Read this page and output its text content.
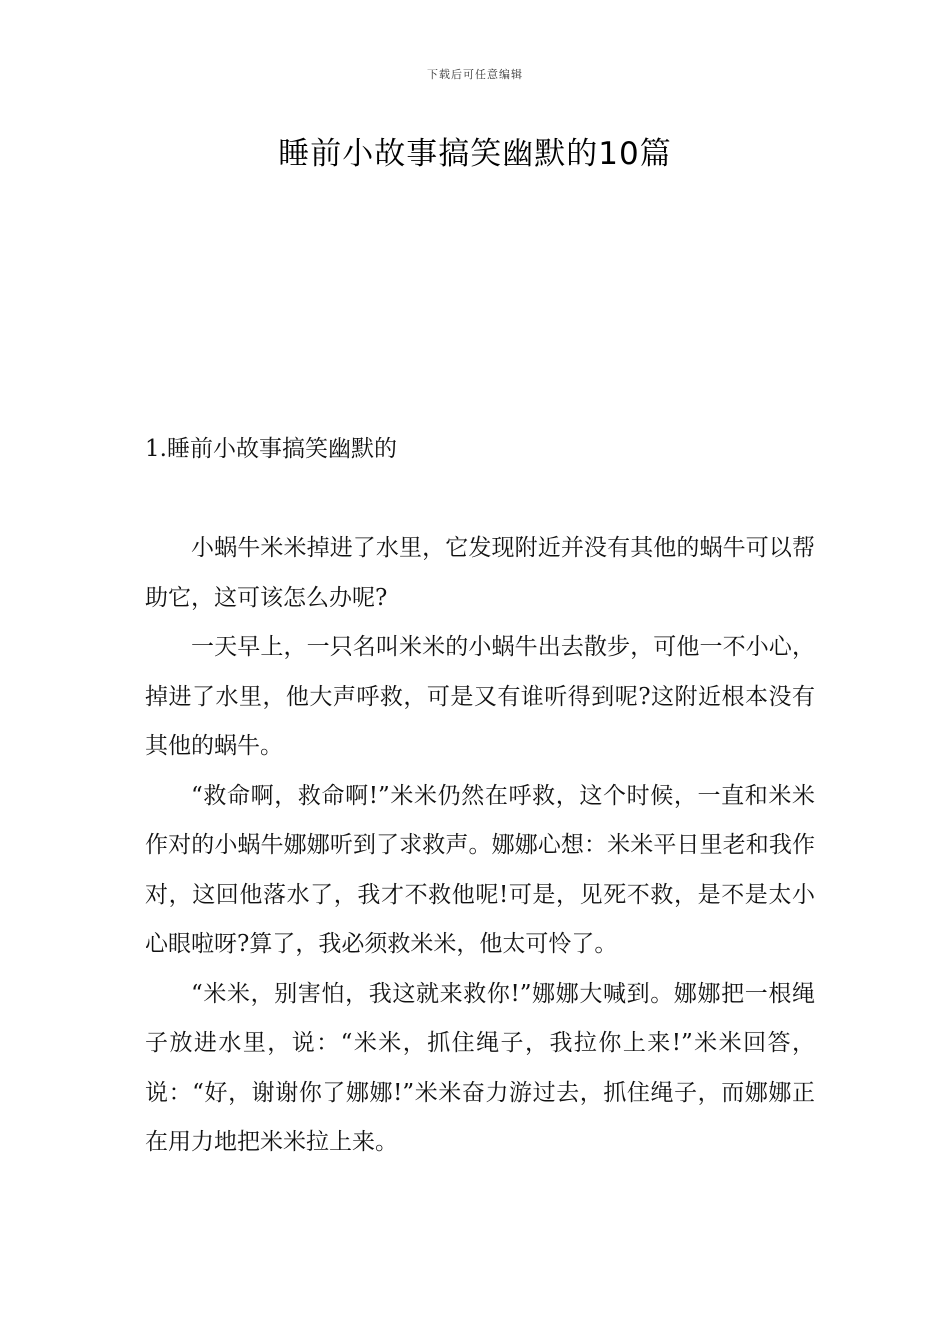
下载后可任意编辑
睡前小故事搞笑幽默的10篇
1.睡前小故事搞笑幽默的

小蜗牛米米掉进了水里，它发现附近并没有其他的蜗牛可以帮助它，这可该怎么办呢?

一天早上，一只名叫米米的小蜗牛出去散步，可他一不小心，掉进了水里，他大声呼救，可是又有谁听得到呢?这附近根本没有其他的蜗牛。

“救命啊，救命啊!”米米仍然在呼救，这个时候，一直和米米作对的小蜗牛娜娜听到了求救声。娜娜心想：米米平日里老和我作对，这回他落水了，我才不救他呢!可是，见死不救，是不是太小心眼啦呀?算了，我必须救米米，他太可怜了。

“米米，别害怕，我这就来救你!”娜娜大喊到。娜娜把一根绳子放进水里，说：“米米，抓住绳子，我拉你上来!”米米回答，说：“好，谢谢你了娜娜!”米米奋力游过去，抓住绳子，而娜娜正在用力地把米米拉上来。
